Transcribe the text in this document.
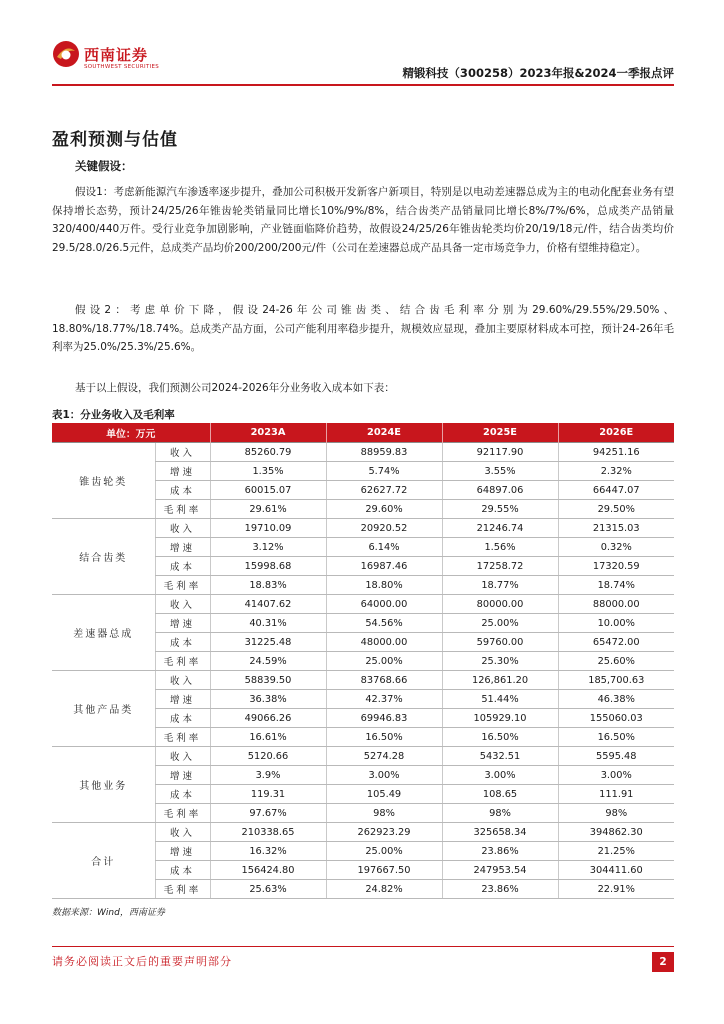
西南证券
SOUTHWEST SECURITIES	精锻科技（300258）2023年报&2024一季报点评
盈利预测与估值
关键假设：

假设1：考虑新能源汽车渗透率逐步提升，叠加公司积极开发新客户新项目，特别是以电动差速器总成为主的电动化配套业务有望保持增长态势，预计24/25/26年锥齿轮类销量同比增长10%/9%/8%，结合齿类产品销量同比增长8%/7%/6%，总成类产品销量320/400/440万件。受行业竞争加剧影响，产业链面临降价趋势，故假设24/25/26年锥齿轮类均价20/19/18元/件，结合齿类均价29.5/28.0/26.5元件，总成类产品均价200/200/200元/件（公司在差速器总成产品具备一定市场竞争力，价格有望维持稳定）。

假设2：考虑单价下降，假设24-26年公司锥齿类、结合齿毛利率分别为29.60%/29.55%/29.50%、18.80%/18.77%/18.74%。总成类产品方面，公司产能利用率稳步提升，规模效应显现，叠加主要原材料成本可控，预计24-26年毛利率为25.0%/25.3%/25.6%。

基于以上假设，我们预测公司2024-2026年分业务收入成本如下表：

表1：分业务收入及毛利率
单位：万元		2023A	2024E	2025E	2026E
锥齿轮类	收入	85260.79	88959.83	92117.90	94251.16
	增速	1.35%	5.74%	3.55%	2.32%
	成本	60015.07	62627.72	64897.06	66447.07
	毛利率	29.61%	29.60%	29.55%	29.50%
结合齿类	收入	19710.09	20920.52	21246.74	21315.03
	增速	3.12%	6.14%	1.56%	0.32%
	成本	15998.68	16987.46	17258.72	17320.59
	毛利率	18.83%	18.80%	18.77%	18.74%
差速器总成	收入	41407.62	64000.00	80000.00	88000.00
	增速	40.31%	54.56%	25.00%	10.00%
	成本	31225.48	48000.00	59760.00	65472.00
	毛利率	24.59%	25.00%	25.30%	25.60%
其他产品类	收入	58839.50	83768.66	126,861.20	185,700.63
	增速	36.38%	42.37%	51.44%	46.38%
	成本	49066.26	69946.83	105929.10	155060.03
	毛利率	16.61%	16.50%	16.50%	16.50%
其他业务	收入	5120.66	5274.28	5432.51	5595.48
	增速	3.9%	3.00%	3.00%	3.00%
	成本	119.31	105.49	108.65	111.91
	毛利率	97.67%	98%	98%	98%
合计	收入	210338.65	262923.29	325658.34	394862.30
	增速	16.32%	25.00%	23.86%	21.25%
	成本	156424.80	197667.50	247953.54	304411.60
	毛利率	25.63%	24.82%	23.86%	22.91%
数据来源：Wind，西南证券
请务必阅读正文后的重要声明部分	2
